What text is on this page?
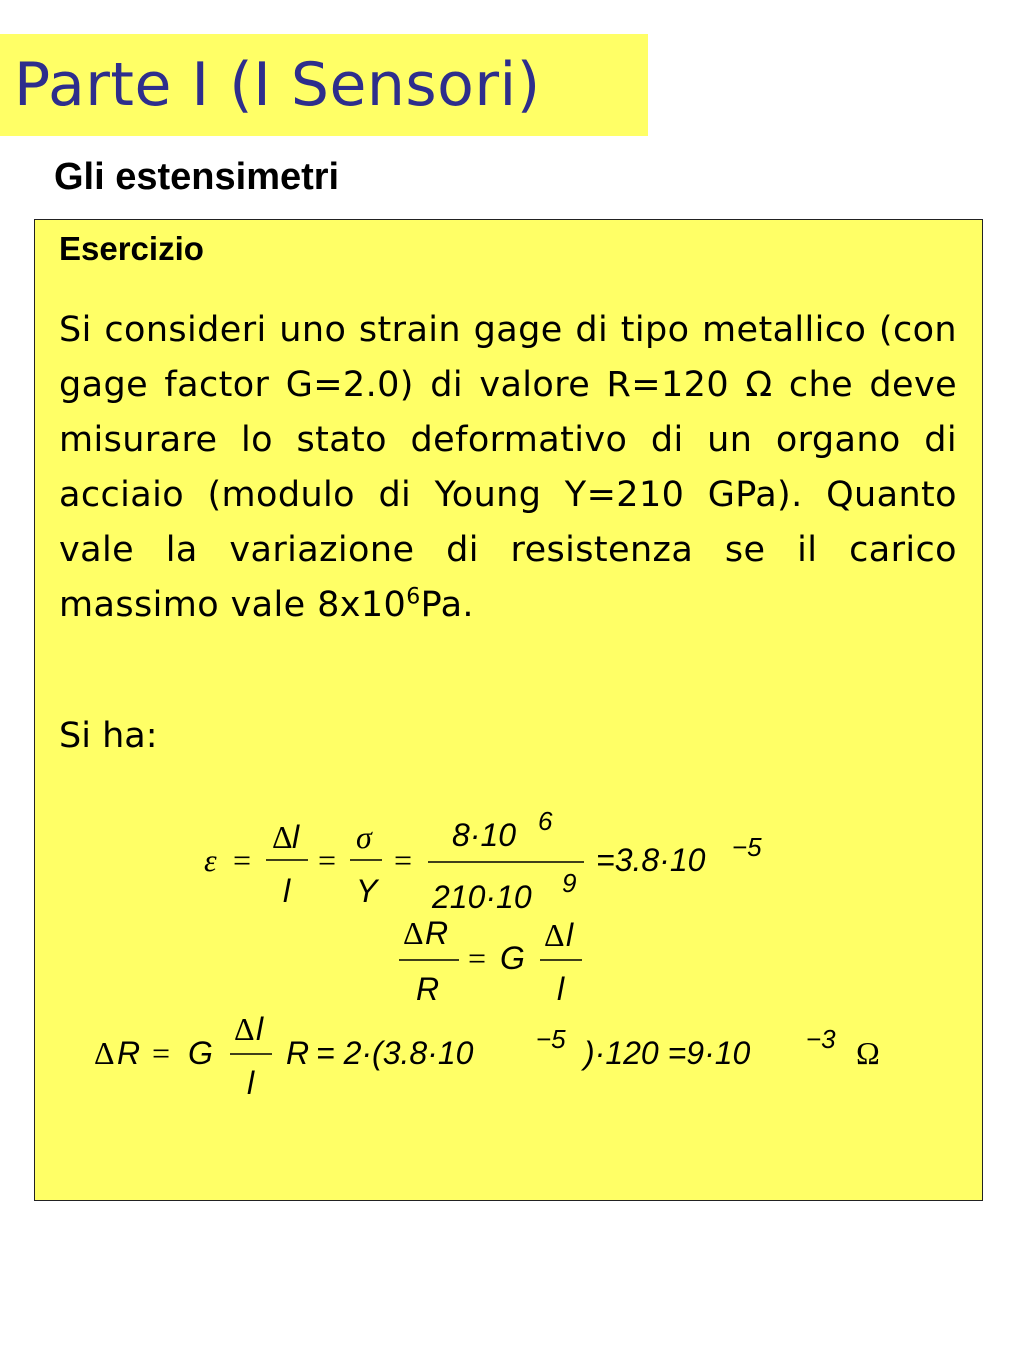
Parte I (I Sensori)
Gli estensimetri
Esercizio
Si consideri uno strain gage di tipo metallico (con gage factor G=2.0) di valore R=120 Ω che deve misurare lo stato deformativo di un organo di acciaio (modulo di Young Y=210 GPa). Quanto vale la variazione di resistenza se il carico massimo vale $8x10^6Pa$.
Si ha:
ε =
Δ l
l
=
σ
Y
=
8·10 6
210·10 9
=3.8·10 −5
Δ R
R
= G
Δ l
l
Δ R = G
Δ l
l
R = 2·(3.8·10 −5 )·120 =9·10 −3 Ω
